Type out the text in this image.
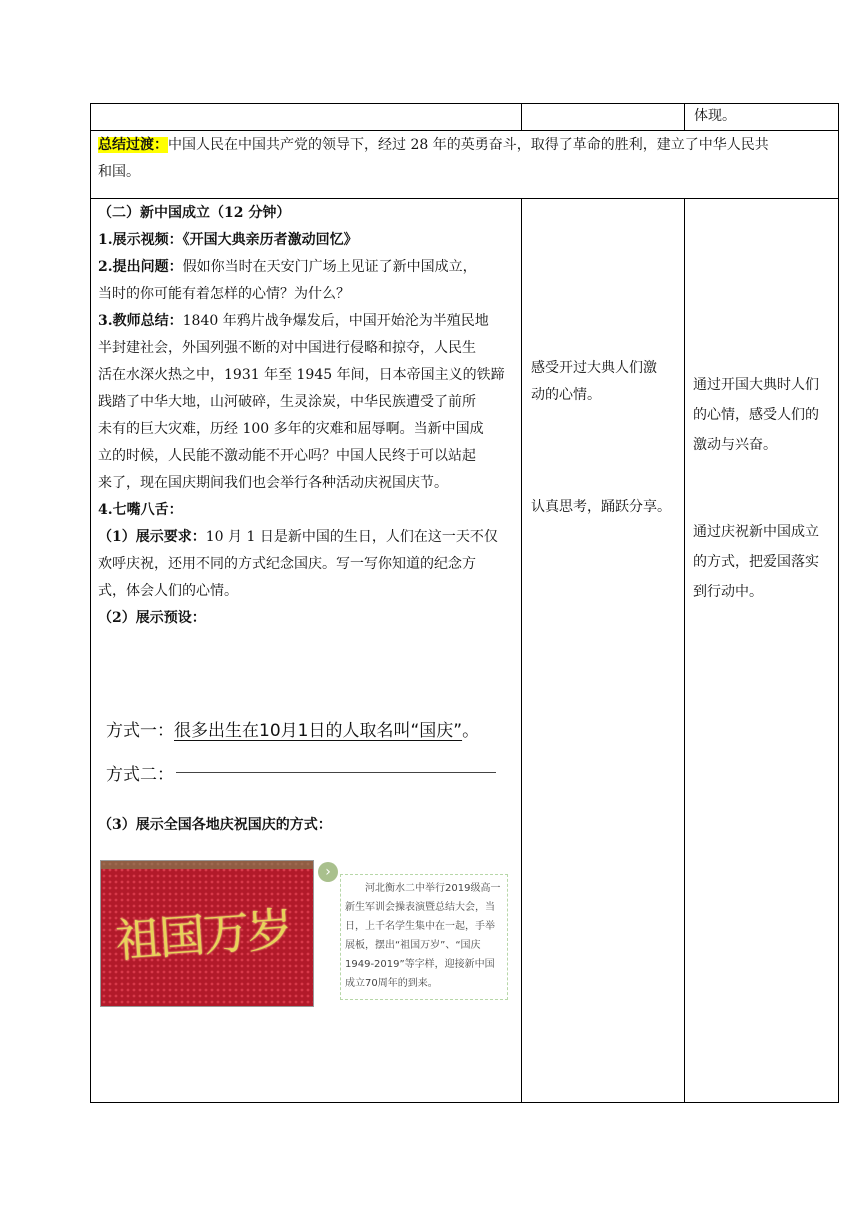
体现。

总结过渡：中国人民在中国共产党的领导下，经过 28 年的英勇奋斗，取得了革命的胜利，建立了中华人民共

和国。

（二）新中国成立（12 分钟）

1.展示视频：《开国大典亲历者激动回忆》

2.提出问题：假如你当时在天安门广场上见证了新中国成立，

当时的你可能有着怎样的心情？为什么？

3.教师总结：1840 年鸦片战争爆发后，中国开始沦为半殖民地

半封建社会，外国列强不断的对中国进行侵略和掠夺，人民生

活在水深火热之中，1931 年至 1945 年间，日本帝国主义的铁蹄

践踏了中华大地，山河破碎，生灵涂炭，中华民族遭受了前所

未有的巨大灾难，历经 100 多年的灾难和屈辱啊。当新中国成

立的时候，人民能不激动能不开心吗？中国人民终于可以站起

来了，现在国庆期间我们也会举行各种活动庆祝国庆节。

4.七嘴八舌：

（1）展示要求：10 月 1 日是新中国的生日，人们在这一天不仅

欢呼庆祝，还用不同的方式纪念国庆。写一写你知道的纪念方

式，体会人们的心情。

（2）展示预设：

方式一：很多出生在10月1日的人取名叫“国庆”。
方式二：
（3）展示全国各地庆祝国庆的方式：
祖国万岁
›
河北衡水二中举行2019级高一新生军训会操表演暨总结大会，当日，上千名学生集中在一起，手举展板，摆出“祖国万岁”、“国庆1949-2019”等字样，迎接新中国成立70周年的到来。

感受开过大典人们激

动的心情。

认真思考，踊跃分享。

通过开国大典时人们

的心情，感受人们的

激动与兴奋。

通过庆祝新中国成立

的方式，把爱国落实

到行动中。
